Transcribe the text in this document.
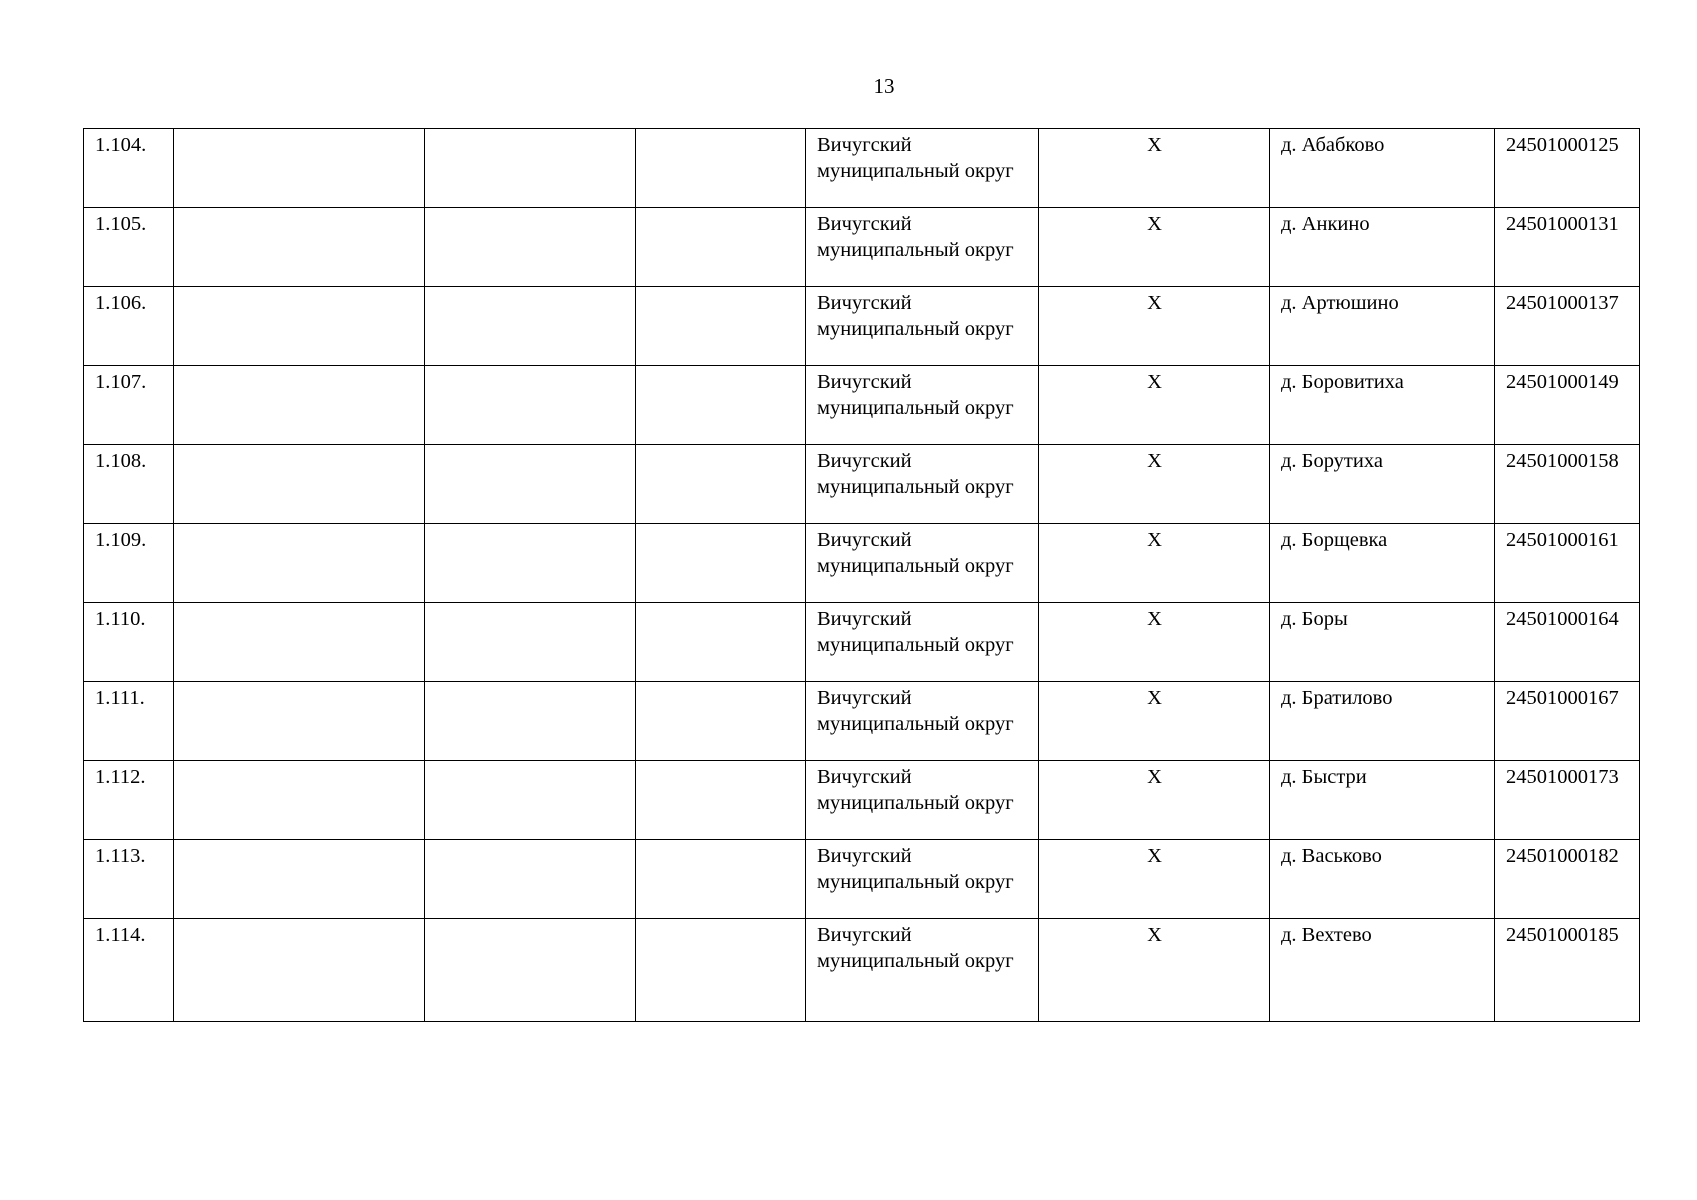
13
1.104.				Вичугский муниципальный округ	Х	д. Абабково	24501000125
1.105.				Вичугский муниципальный округ	Х	д. Анкино	24501000131
1.106.				Вичугский муниципальный округ	Х	д. Артюшино	24501000137
1.107.				Вичугский муниципальный округ	Х	д. Боровитиха	24501000149
1.108.				Вичугский муниципальный округ	Х	д. Борутиха	24501000158
1.109.				Вичугский муниципальный округ	Х	д. Борщевка	24501000161
1.110.				Вичугский муниципальный округ	Х	д. Боры	24501000164
1.111.				Вичугский муниципальный округ	Х	д. Братилово	24501000167
1.112.				Вичугский муниципальный округ	Х	д. Быстри	24501000173
1.113.				Вичугский муниципальный округ	Х	д. Васьково	24501000182
1.114.				Вичугский муниципальный округ	Х	д. Вехтево	24501000185
